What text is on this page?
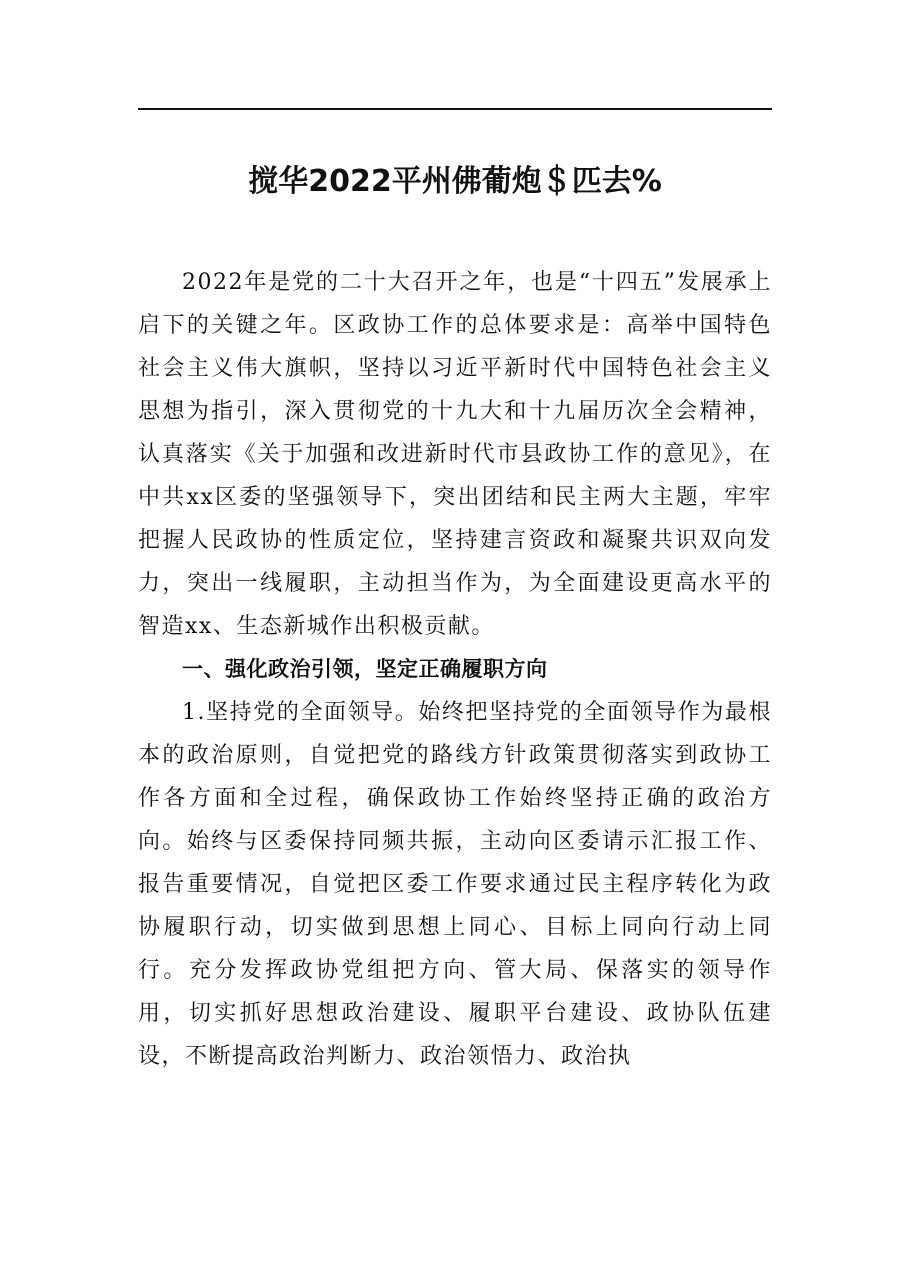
搅华2022平州佛葡炮＄匹去%

2022年是党的二十大召开之年，也是“十四五”发展承上启下的关键之年。区政协工作的总体要求是：高举中国特色社会主义伟大旗帜，坚持以习近平新时代中国特色社会主义思想为指引，深入贯彻党的十九大和十九届历次全会精神，认真落实《关于加强和改进新时代市县政协工作的意见》，在中共xx区委的坚强领导下，突出团结和民主两大主题，牢牢把握人民政协的性质定位，坚持建言资政和凝聚共识双向发力，突出一线履职，主动担当作为，为全面建设更高水平的智造xx、生态新城作出积极贡献。

一、强化政治引领，坚定正确履职方向

1.坚持党的全面领导。始终把坚持党的全面领导作为最根本的政治原则，自觉把党的路线方针政策贯彻落实到政协工作各方面和全过程，确保政协工作始终坚持正确的政治方向。始终与区委保持同频共振，主动向区委请示汇报工作、报告重要情况，自觉把区委工作要求通过民主程序转化为政协履职行动，切实做到思想上同心、目标上同向行动上同行。充分发挥政协党组把方向、管大局、保落实的领导作用，切实抓好思想政治建设、履职平台建设、政协队伍建设，不断提高政治判断力、政治领悟力、政治执
